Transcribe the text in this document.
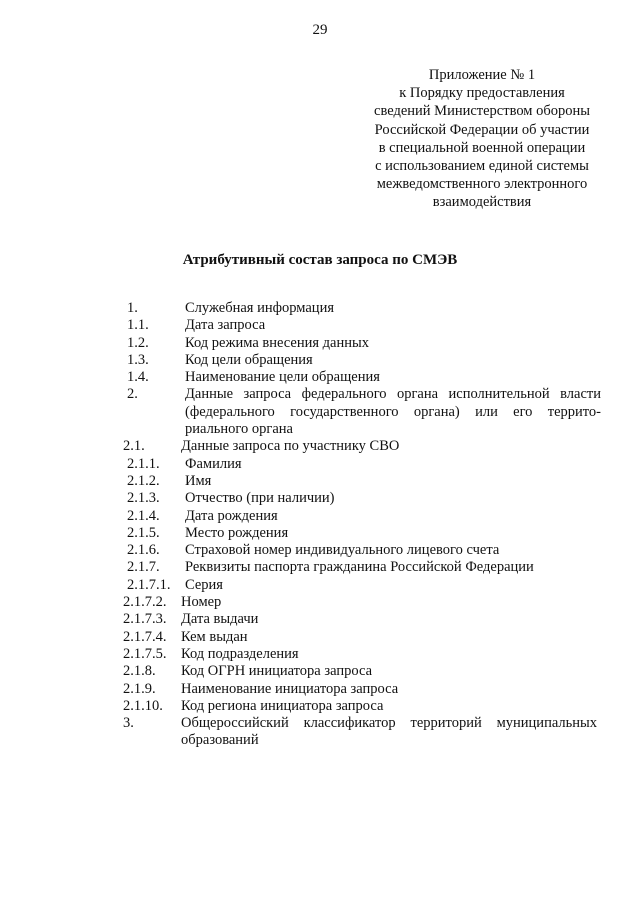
29
Приложение № 1
к Порядку предоставления
сведений Министерством обороны
Российской Федерации об участии
в специальной военной операции
с использованием единой системы
межведомственного электронного
взаимодействия
Атрибутивный состав запроса по СМЭВ
1.	Служебная информация
1.1.	Дата запроса
1.2.	Код режима внесения данных
1.3.	Код цели обращения
1.4.	Наименование цели обращения
2.	Данные запроса федерального органа исполнительной власти
(федерального государственного органа) или его террито-
риального органа
2.1.	Данные запроса по участнику СВО
2.1.1. Фамилия
2.1.2. Имя
2.1.3. Отчество (при наличии)
2.1.4. Дата рождения
2.1.5. Место рождения
2.1.6. Страховой номер индивидуального лицевого счета
2.1.7. Реквизиты паспорта гражданина Российской Федерации
2.1.7.1. Серия
2.1.7.2. Номер
2.1.7.3. Дата выдачи
2.1.7.4. Кем выдан
2.1.7.5. Код подразделения
2.1.8. Код ОГРН инициатора запроса
2.1.9. Наименование инициатора запроса
2.1.10. Код региона инициатора запроса
3.	Общероссийский классификатор территорий муниципальных
образований
